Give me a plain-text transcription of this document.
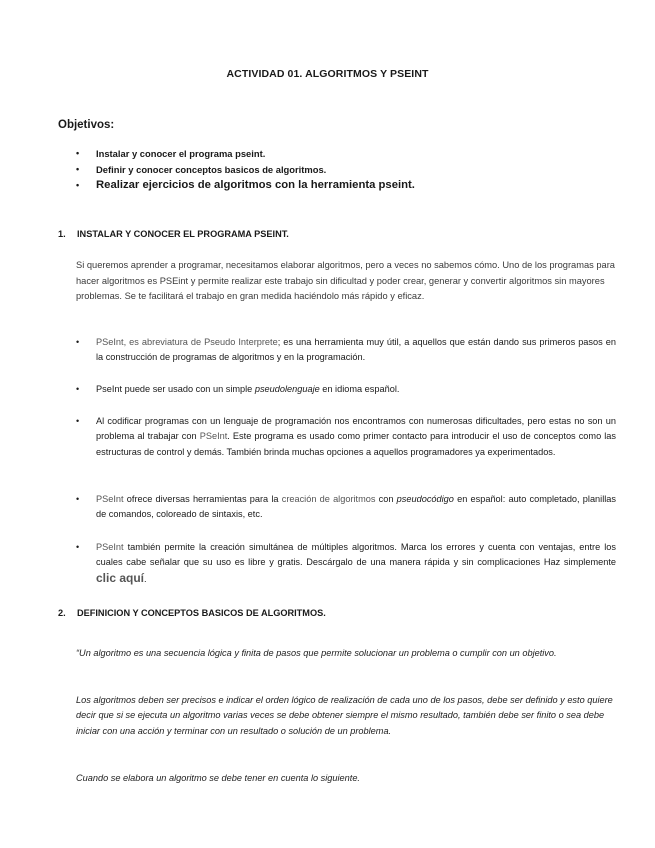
ACTIVIDAD 01. ALGORITMOS Y PSEINT
Objetivos:
• Instalar y conocer el programa pseint.
• Definir y conocer conceptos basicos de algoritmos.
• Realizar ejercicios de algoritmos con la herramienta pseint.
1. INSTALAR Y CONOCER EL PROGRAMA PSEINT.
Si queremos aprender a programar, necesitamos elaborar algoritmos, pero a veces no sabemos cómo. Uno de los programas para hacer algoritmos es PSEint y permite realizar este trabajo sin dificultad y poder crear, generar y convertir algoritmos sin mayores problemas. Se te facilitará el trabajo en gran medida haciéndolo más rápido y eficaz.
• PSeInt, es abreviatura de Pseudo Interprete; es una herramienta muy útil, a aquellos que están dando sus primeros pasos en la construcción de programas de algoritmos y en la programación.
• PseInt puede ser usado con un simple pseudolenguaje en idioma español.
• Al codificar programas con un lenguaje de programación nos encontramos con numerosas dificultades, pero estas no son un problema al trabajar con PSeInt. Este programa es usado como primer contacto para introducir el uso de conceptos como las estructuras de control y demás. También brinda muchas opciones a aquellos programadores ya experimentados.
• PSeInt ofrece diversas herramientas para la creación de algoritmos con pseudocódigo en español: auto completado, planillas de comandos, coloreado de sintaxis, etc.
• PSeInt también permite la creación simultánea de múltiples algoritmos. Marca los errores y cuenta con ventajas, entre los cuales cabe señalar que su uso es libre y gratis. Descárgalo de una manera rápida y sin complicaciones Haz simplemente clic aquí.
2. DEFINICION Y CONCEPTOS BASICOS DE ALGORITMOS.
“Un algoritmo es una secuencia lógica y finita de pasos que permite solucionar un problema o cumplir con un objetivo.
Los algoritmos deben ser precisos e indicar el orden lógico de realización de cada uno de los pasos, debe ser definido y esto quiere decir que si se ejecuta un algoritmo varias veces se debe obtener siempre el mismo resultado, también debe ser finito o sea debe iniciar con una acción y terminar con un resultado o solución de un problema.
Cuando se elabora un algoritmo se debe tener en cuenta lo siguiente.
